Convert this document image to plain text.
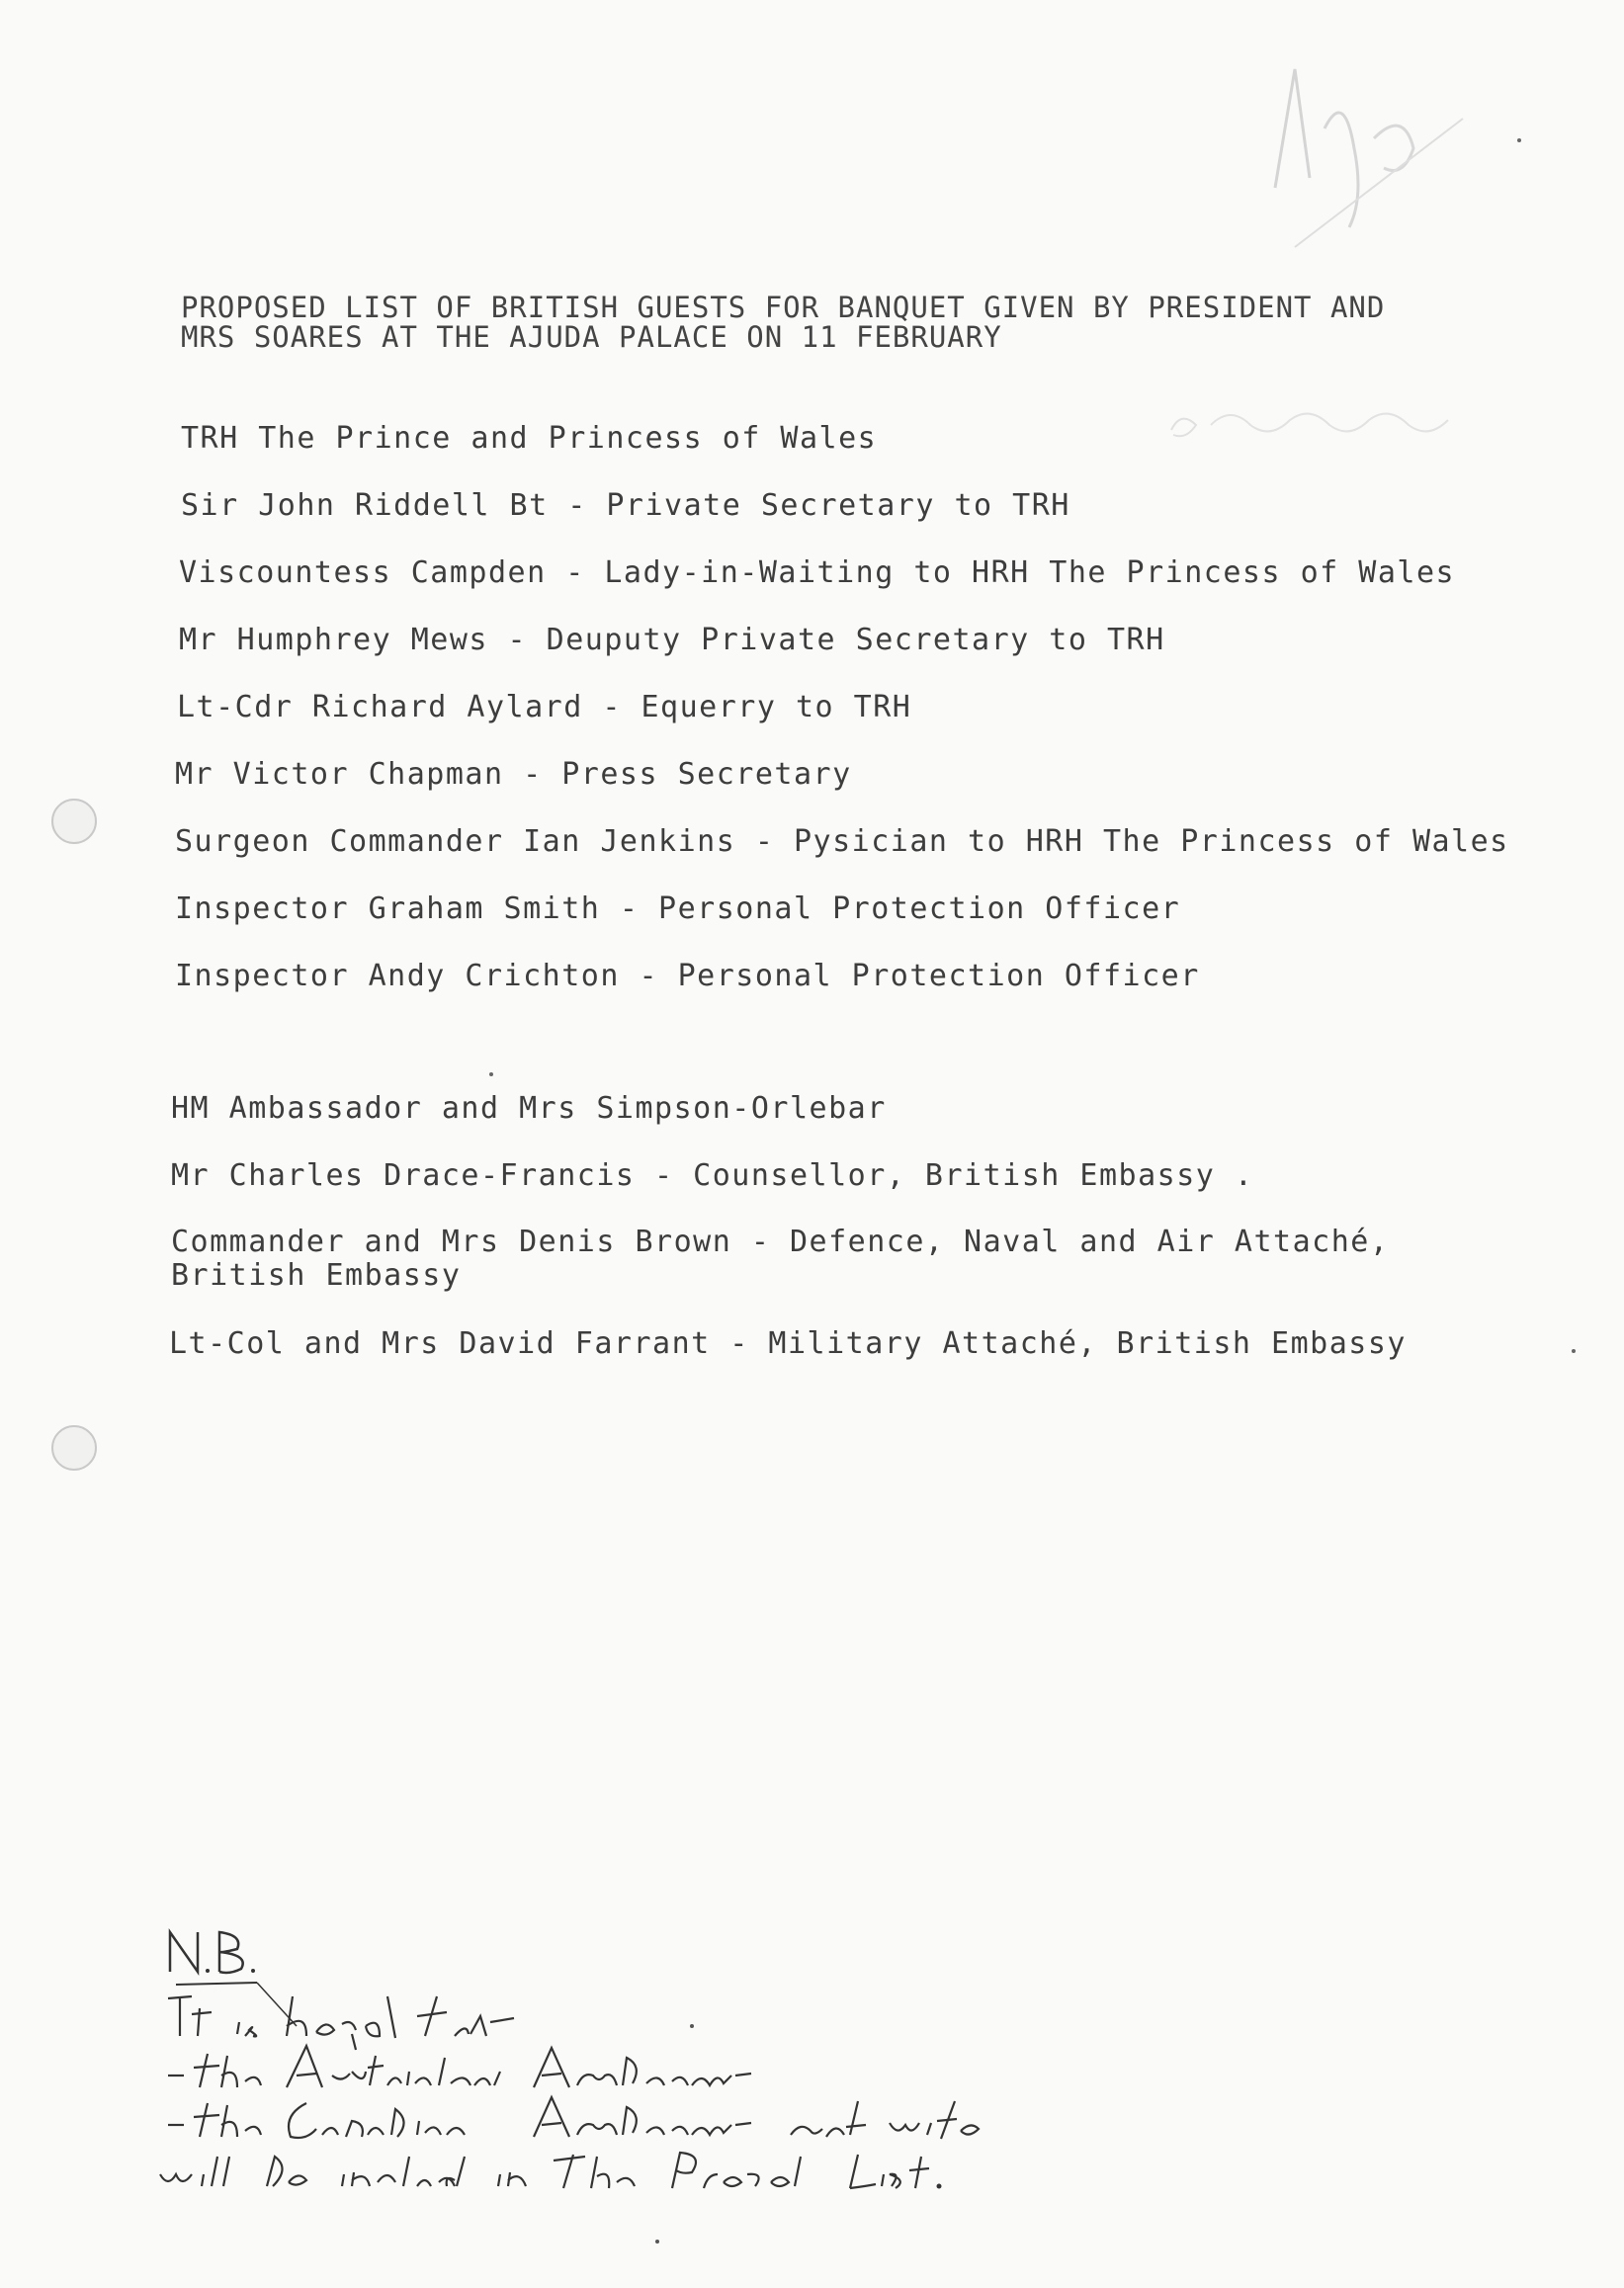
PROPOSED LIST OF BRITISH GUESTS FOR BANQUET GIVEN BY PRESIDENT AND
MRS SOARES AT THE AJUDA PALACE ON 11 FEBRUARY
TRH The Prince and Princess of Wales
Sir John Riddell Bt - Private Secretary to TRH
Viscountess Campden - Lady-in-Waiting to HRH The Princess of Wales
Mr Humphrey Mews - Deuputy Private Secretary to TRH
Lt-Cdr Richard Aylard - Equerry to TRH
Mr Victor Chapman - Press Secretary
Surgeon Commander Ian Jenkins - Pysician to HRH The Princess of Wales
Inspector Graham Smith - Personal Protection Officer
Inspector Andy Crichton - Personal Protection Officer
HM Ambassador and Mrs Simpson-Orlebar
Mr Charles Drace-Francis - Counsellor, British Embassy .
Commander and Mrs Denis Brown - Defence, Naval and Air Attaché,
British Embassy
Lt-Col and Mrs David Farrant - Military Attaché, British Embassy
